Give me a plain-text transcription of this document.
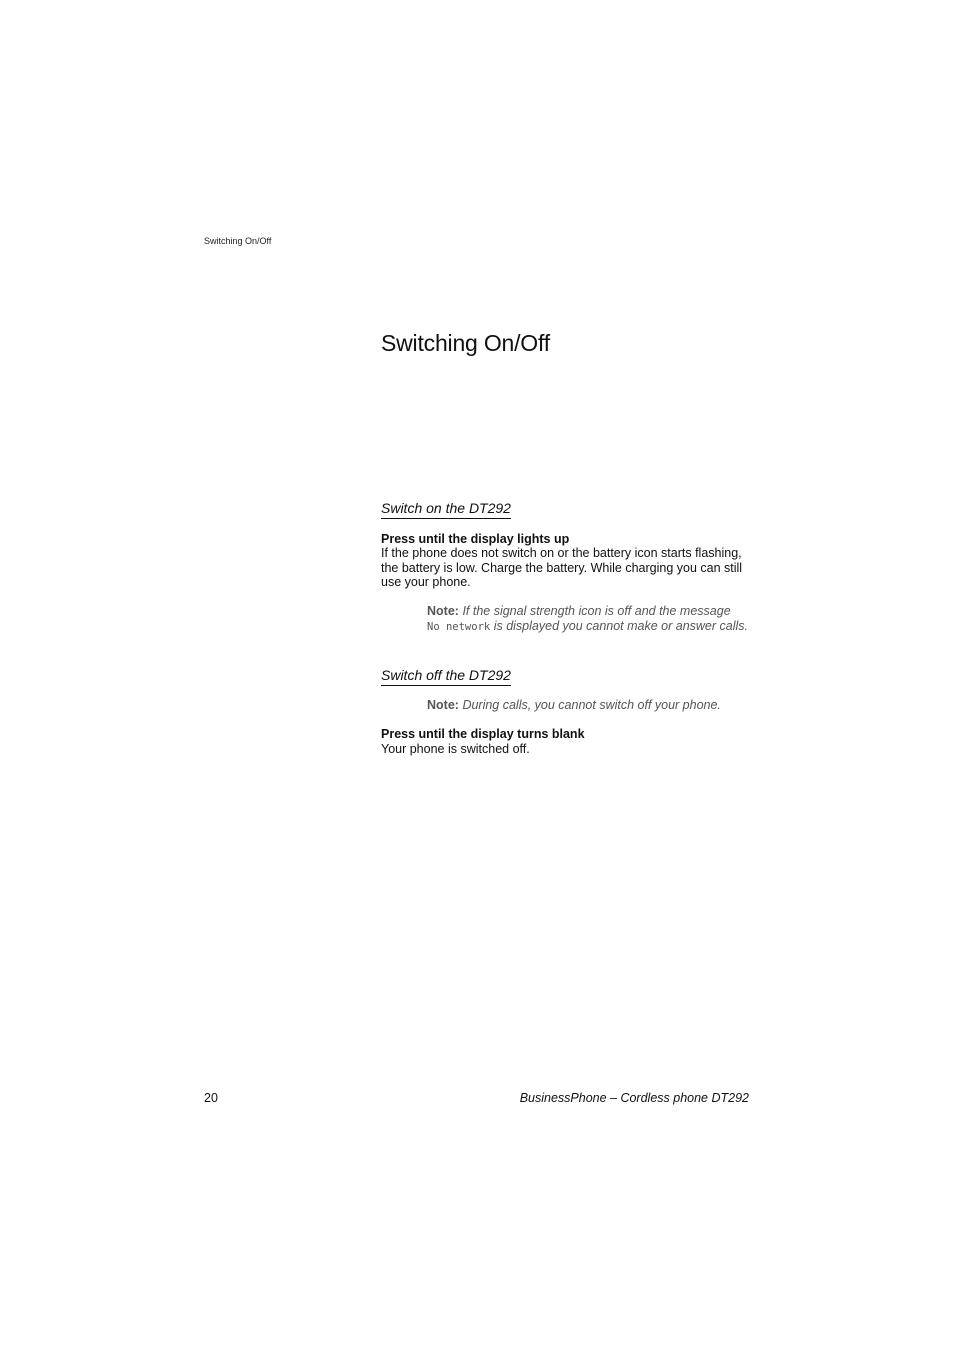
Switching On/Off
Switching On/Off
Switch on the DT292

Press until the display lights up

If the phone does not switch on or the battery icon starts flashing, the battery is low. Charge the battery. While charging you can still use your phone.

Note: If the signal strength icon is off and the message
No network is displayed you cannot make or answer calls.

Switch off the DT292

Note: During calls, you cannot switch off your phone.

Press until the display turns blank

Your phone is switched off.

20	BusinessPhone – Cordless phone DT292
